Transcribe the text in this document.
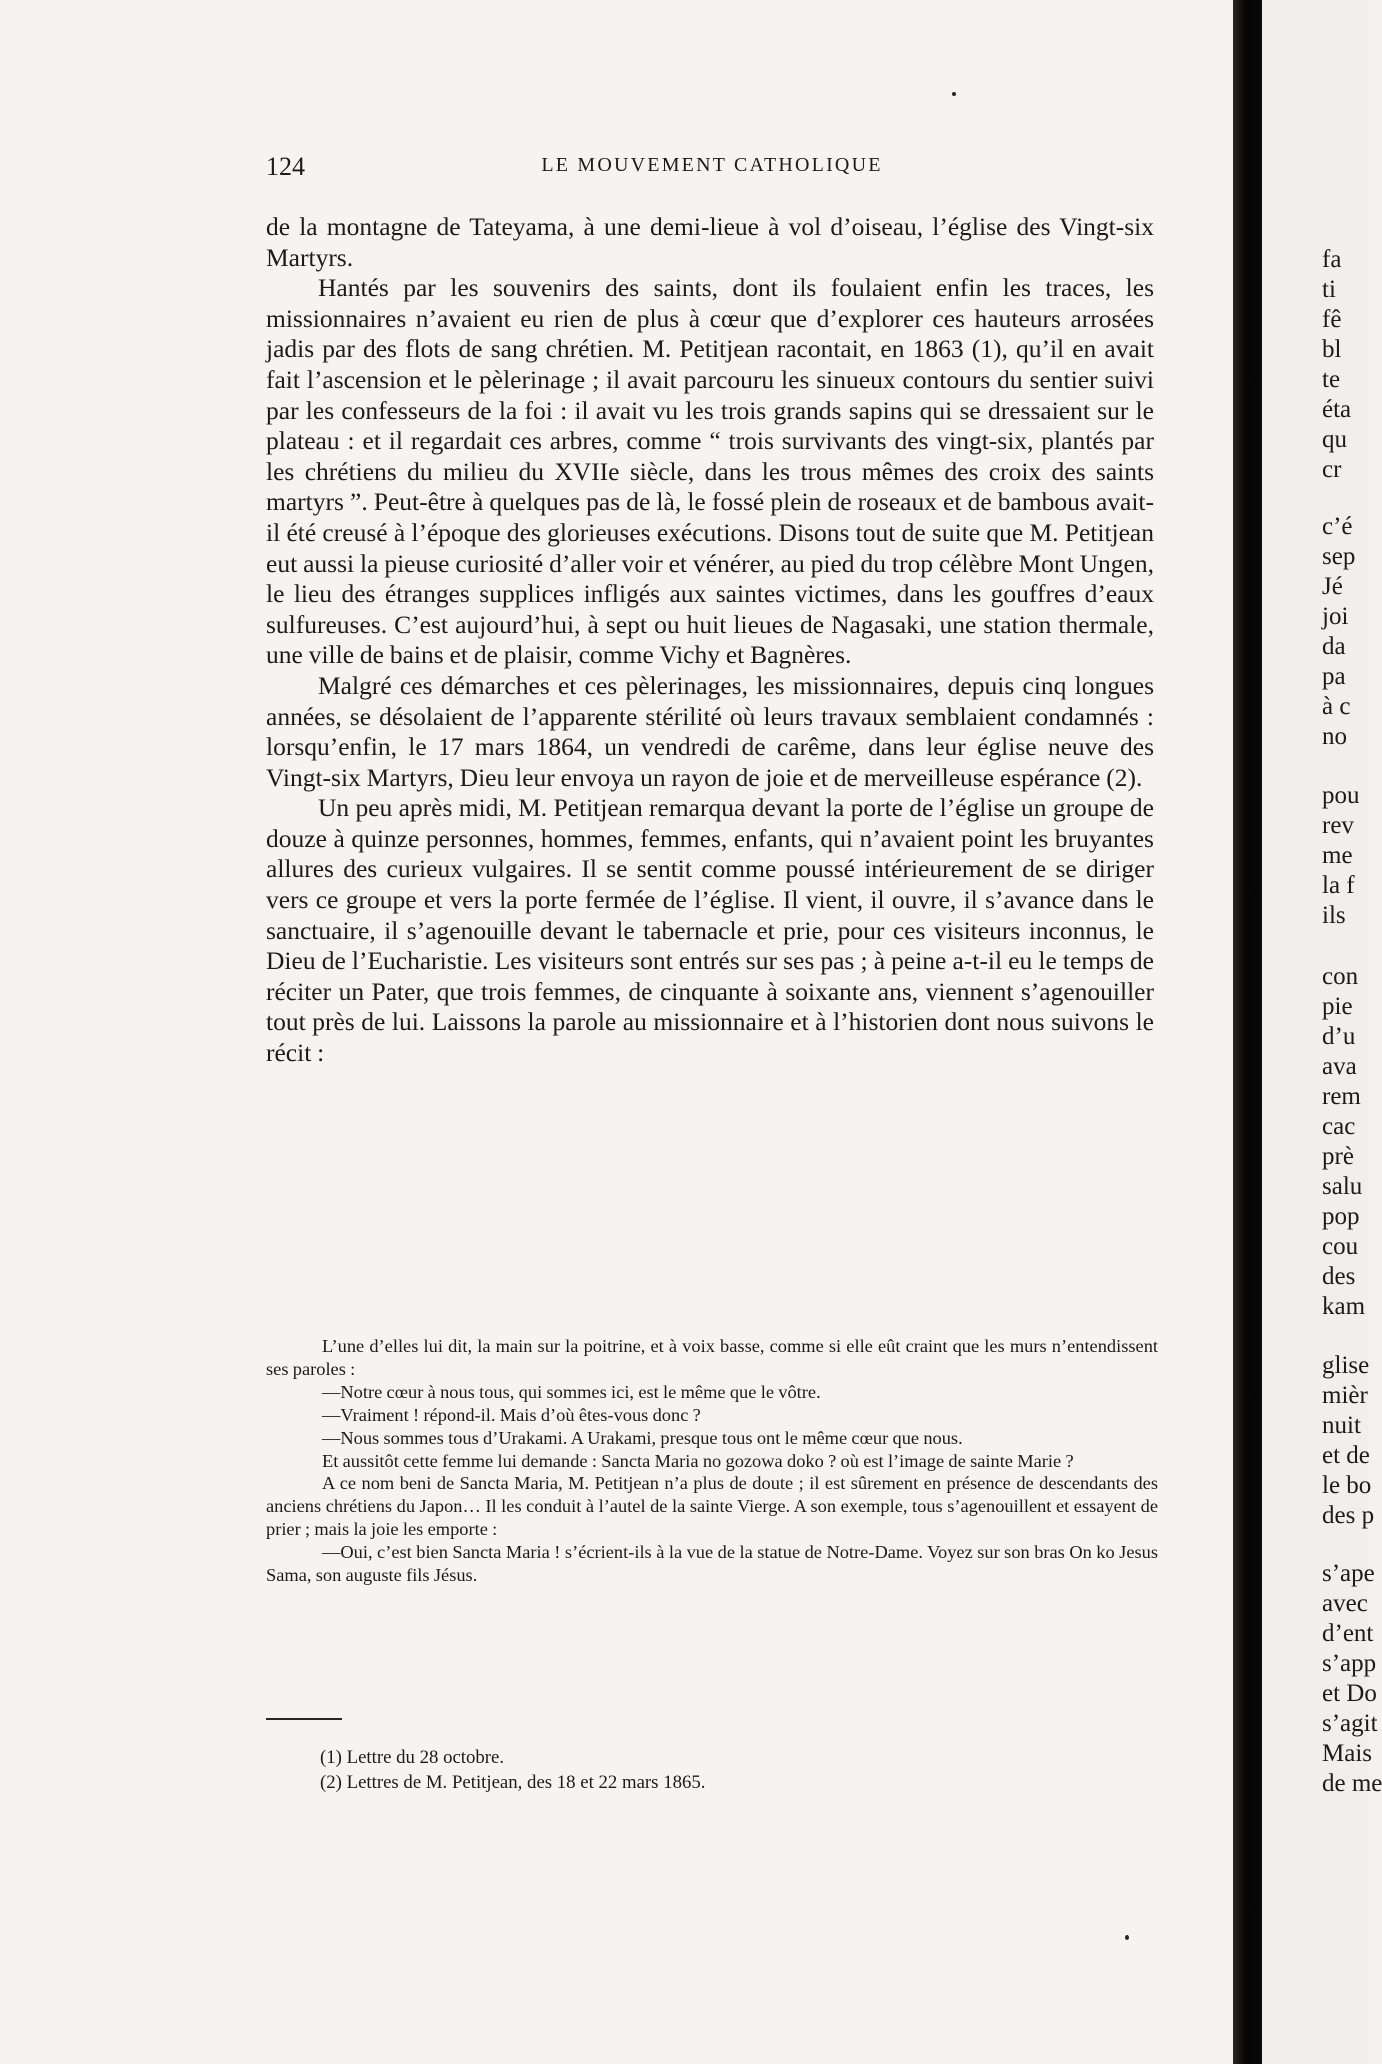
124	LE MOUVEMENT CATHOLIQUE

de la montagne de Tateyama, à une demi-lieue à vol d’oiseau, l’église des Vingt-six Martyrs.

Hantés par les souvenirs des saints, dont ils foulaient enfin les traces, les missionnaires n’avaient eu rien de plus à cœur que d’explorer ces hauteurs arrosées jadis par des flots de sang chrétien. M. Petitjean racontait, en 1863 (1), qu’il en avait fait l’ascension et le pèlerinage ; il avait parcouru les sinueux contours du sentier suivi par les confesseurs de la foi : il avait vu les trois grands sapins qui se dressaient sur le plateau : et il regardait ces arbres, comme “ trois survivants des vingt-six, plantés par les chrétiens du milieu du XVIIe siècle, dans les trous mêmes des croix des saints martyrs ”. Peut-être à quelques pas de là, le fossé plein de roseaux et de bambous avait-il été creusé à l’époque des glorieuses exécutions. Disons tout de suite que M. Petitjean eut aussi la pieuse curiosité d’aller voir et vénérer, au pied du trop célèbre Mont Ungen, le lieu des étranges supplices infligés aux saintes victimes, dans les gouffres d’eaux sulfureuses. C’est aujourd’hui, à sept ou huit lieues de Nagasaki, une station thermale, une ville de bains et de plaisir, comme Vichy et Bagnères.

Malgré ces démarches et ces pèlerinages, les missionnaires, depuis cinq longues années, se désolaient de l’apparente stérilité où leurs travaux semblaient condamnés : lorsqu’enfin, le 17 mars 1864, un vendredi de carême, dans leur église neuve des Vingt-six Martyrs, Dieu leur envoya un rayon de joie et de merveilleuse espérance (2).

Un peu après midi, M. Petitjean remarqua devant la porte de l’église un groupe de douze à quinze personnes, hommes, femmes, enfants, qui n’avaient point les bruyantes allures des curieux vulgaires. Il se sentit comme poussé intérieurement de se diriger vers ce groupe et vers la porte fermée de l’église. Il vient, il ouvre, il s’avance dans le sanctuaire, il s’agenouille devant le tabernacle et prie, pour ces visiteurs inconnus, le Dieu de l’Eucharistie. Les visiteurs sont entrés sur ses pas ; à peine a-t-il eu le temps de réciter un Pater, que trois femmes, de cinquante à soixante ans, viennent s’agenouiller tout près de lui. Laissons la parole au missionnaire et à l’historien dont nous suivons le récit :

L’une d’elles lui dit, la main sur la poitrine, et à voix basse, comme si elle eût craint que les murs n’entendissent ses paroles :

—Notre cœur à nous tous, qui sommes ici, est le même que le vôtre.

—Vraiment ! répond-il. Mais d’où êtes-vous donc ?

—Nous sommes tous d’Urakami. A Urakami, presque tous ont le même cœur que nous.

Et aussitôt cette femme lui demande : Sancta Maria no gozowa doko ? où est l’image de sainte Marie ?

A ce nom beni de Sancta Maria, M. Petitjean n’a plus de doute ; il est sûrement en présence de descendants des anciens chrétiens du Japon… Il les conduit à l’autel de la sainte Vierge. A son exemple, tous s’agenouillent et essayent de prier ; mais la joie les emporte :

—Oui, c’est bien Sancta Maria ! s’écrient-ils à la vue de la statue de Notre-Dame. Voyez sur son bras On ko Jesus Sama, son auguste fils Jésus.

(1) Lettre du 28 octobre.

(2) Lettres de M. Petitjean, des 18 et 22 mars 1865.

fa
ti
fê
bl
te
éta
qu
cr
c’é
sep
Jé
joi
da
pa
à c
no
pou
rev
me
la f
ils
con
pie
d’u
ava
rem
cac
prè
salu
pop
cou
des
kam
glise
mièr
nuit
et de
le bo
des p
s’ape
avec
d’ent
s’app
et Do
s’agit
Mais
de me
